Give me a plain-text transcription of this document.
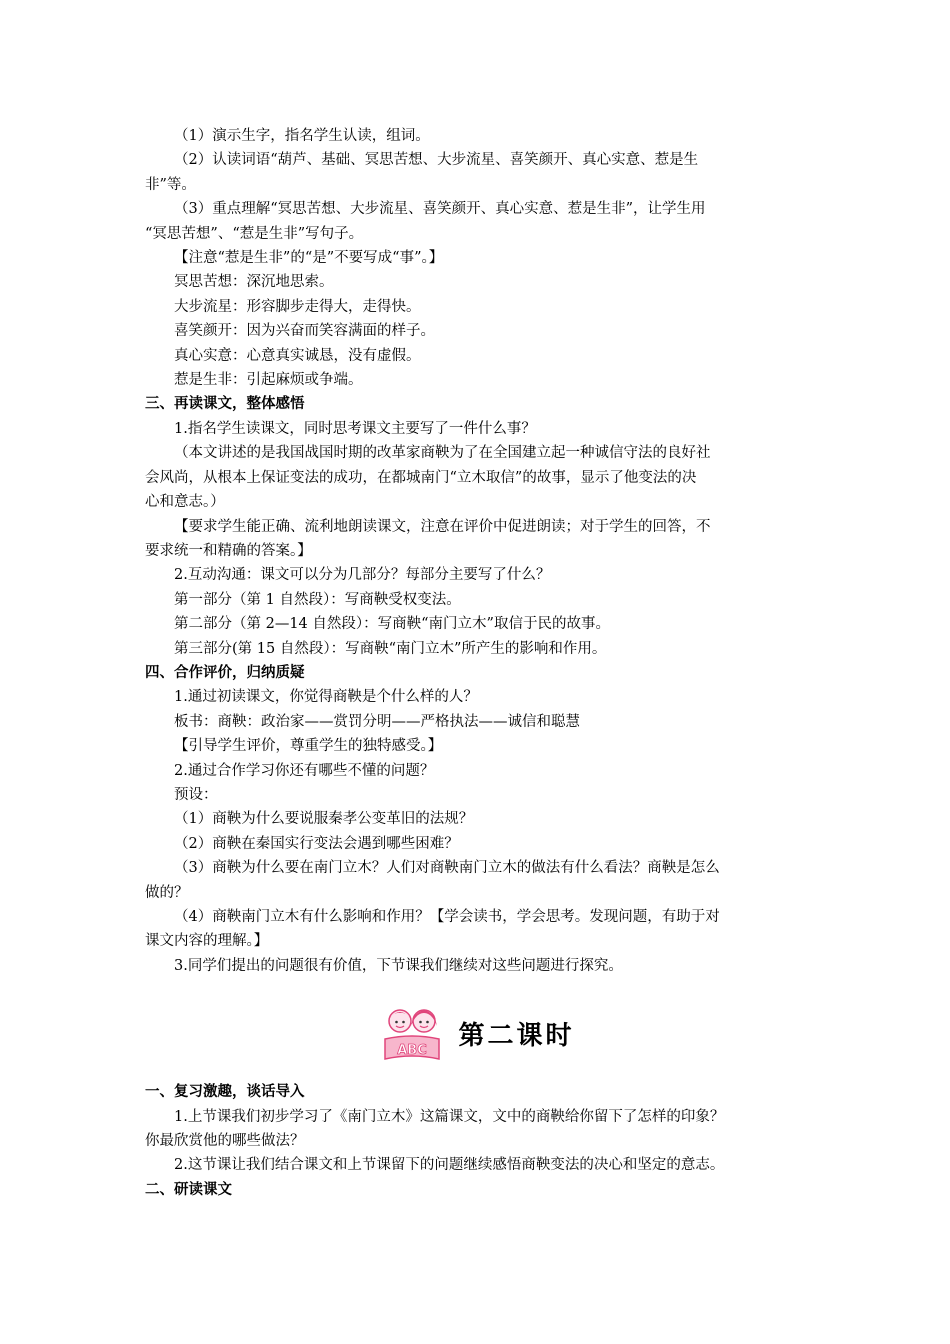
（1）演示生字，指名学生认读，组词。

（2）认读词语“葫芦、基础、冥思苦想、大步流星、喜笑颜开、真心实意、惹是生

非”等。

（3）重点理解“冥思苦想、大步流星、喜笑颜开、真心实意、惹是生非”，让学生用

“冥思苦想”、“惹是生非”写句子。

【注意“惹是生非”的“是”不要写成“事”。】

冥思苦想：深沉地思索。

大步流星：形容脚步走得大，走得快。

喜笑颜开：因为兴奋而笑容满面的样子。

真心实意：心意真实诚恳，没有虚假。

惹是生非：引起麻烦或争端。

三、再读课文，整体感悟

1.指名学生读课文，同时思考课文主要写了一件什么事？

（本文讲述的是我国战国时期的改革家商鞅为了在全国建立起一种诚信守法的良好社

会风尚，从根本上保证变法的成功，在都城南门“立木取信”的故事，显示了他变法的决

心和意志。）

【要求学生能正确、流利地朗读课文，注意在评价中促进朗读；对于学生的回答，不

要求统一和精确的答案。】

2.互动沟通：课文可以分为几部分？每部分主要写了什么？

第一部分（第 1 自然段）：写商鞅受权变法。

第二部分（第 2—14 自然段）：写商鞅“南门立木”取信于民的故事。

第三部分(第 15 自然段）：写商鞅“南门立木”所产生的影响和作用。

四、合作评价，归纳质疑

1.通过初读课文，你觉得商鞅是个什么样的人？

板书：商鞅：政治家——赏罚分明——严格执法——诚信和聪慧

【引导学生评价，尊重学生的独特感受。】

2.通过合作学习你还有哪些不懂的问题？

预设：

（1）商鞅为什么要说服秦孝公变革旧的法规？

（2）商鞅在秦国实行变法会遇到哪些困难？

（3）商鞅为什么要在南门立木？人们对商鞅南门立木的做法有什么看法？商鞅是怎么

做的？

（4）商鞅南门立木有什么影响和作用？【学会读书，学会思考。发现问题，有助于对

课文内容的理解。】

3.同学们提出的问题很有价值，下节课我们继续对这些问题进行探究。

ABC 第二课时

一、复习激趣，谈话导入

1.上节课我们初步学习了《南门立木》这篇课文，文中的商鞅给你留下了怎样的印象？

你最欣赏他的哪些做法？

2.这节课让我们结合课文和上节课留下的问题继续感悟商鞅变法的决心和坚定的意志。

二、研读课文
